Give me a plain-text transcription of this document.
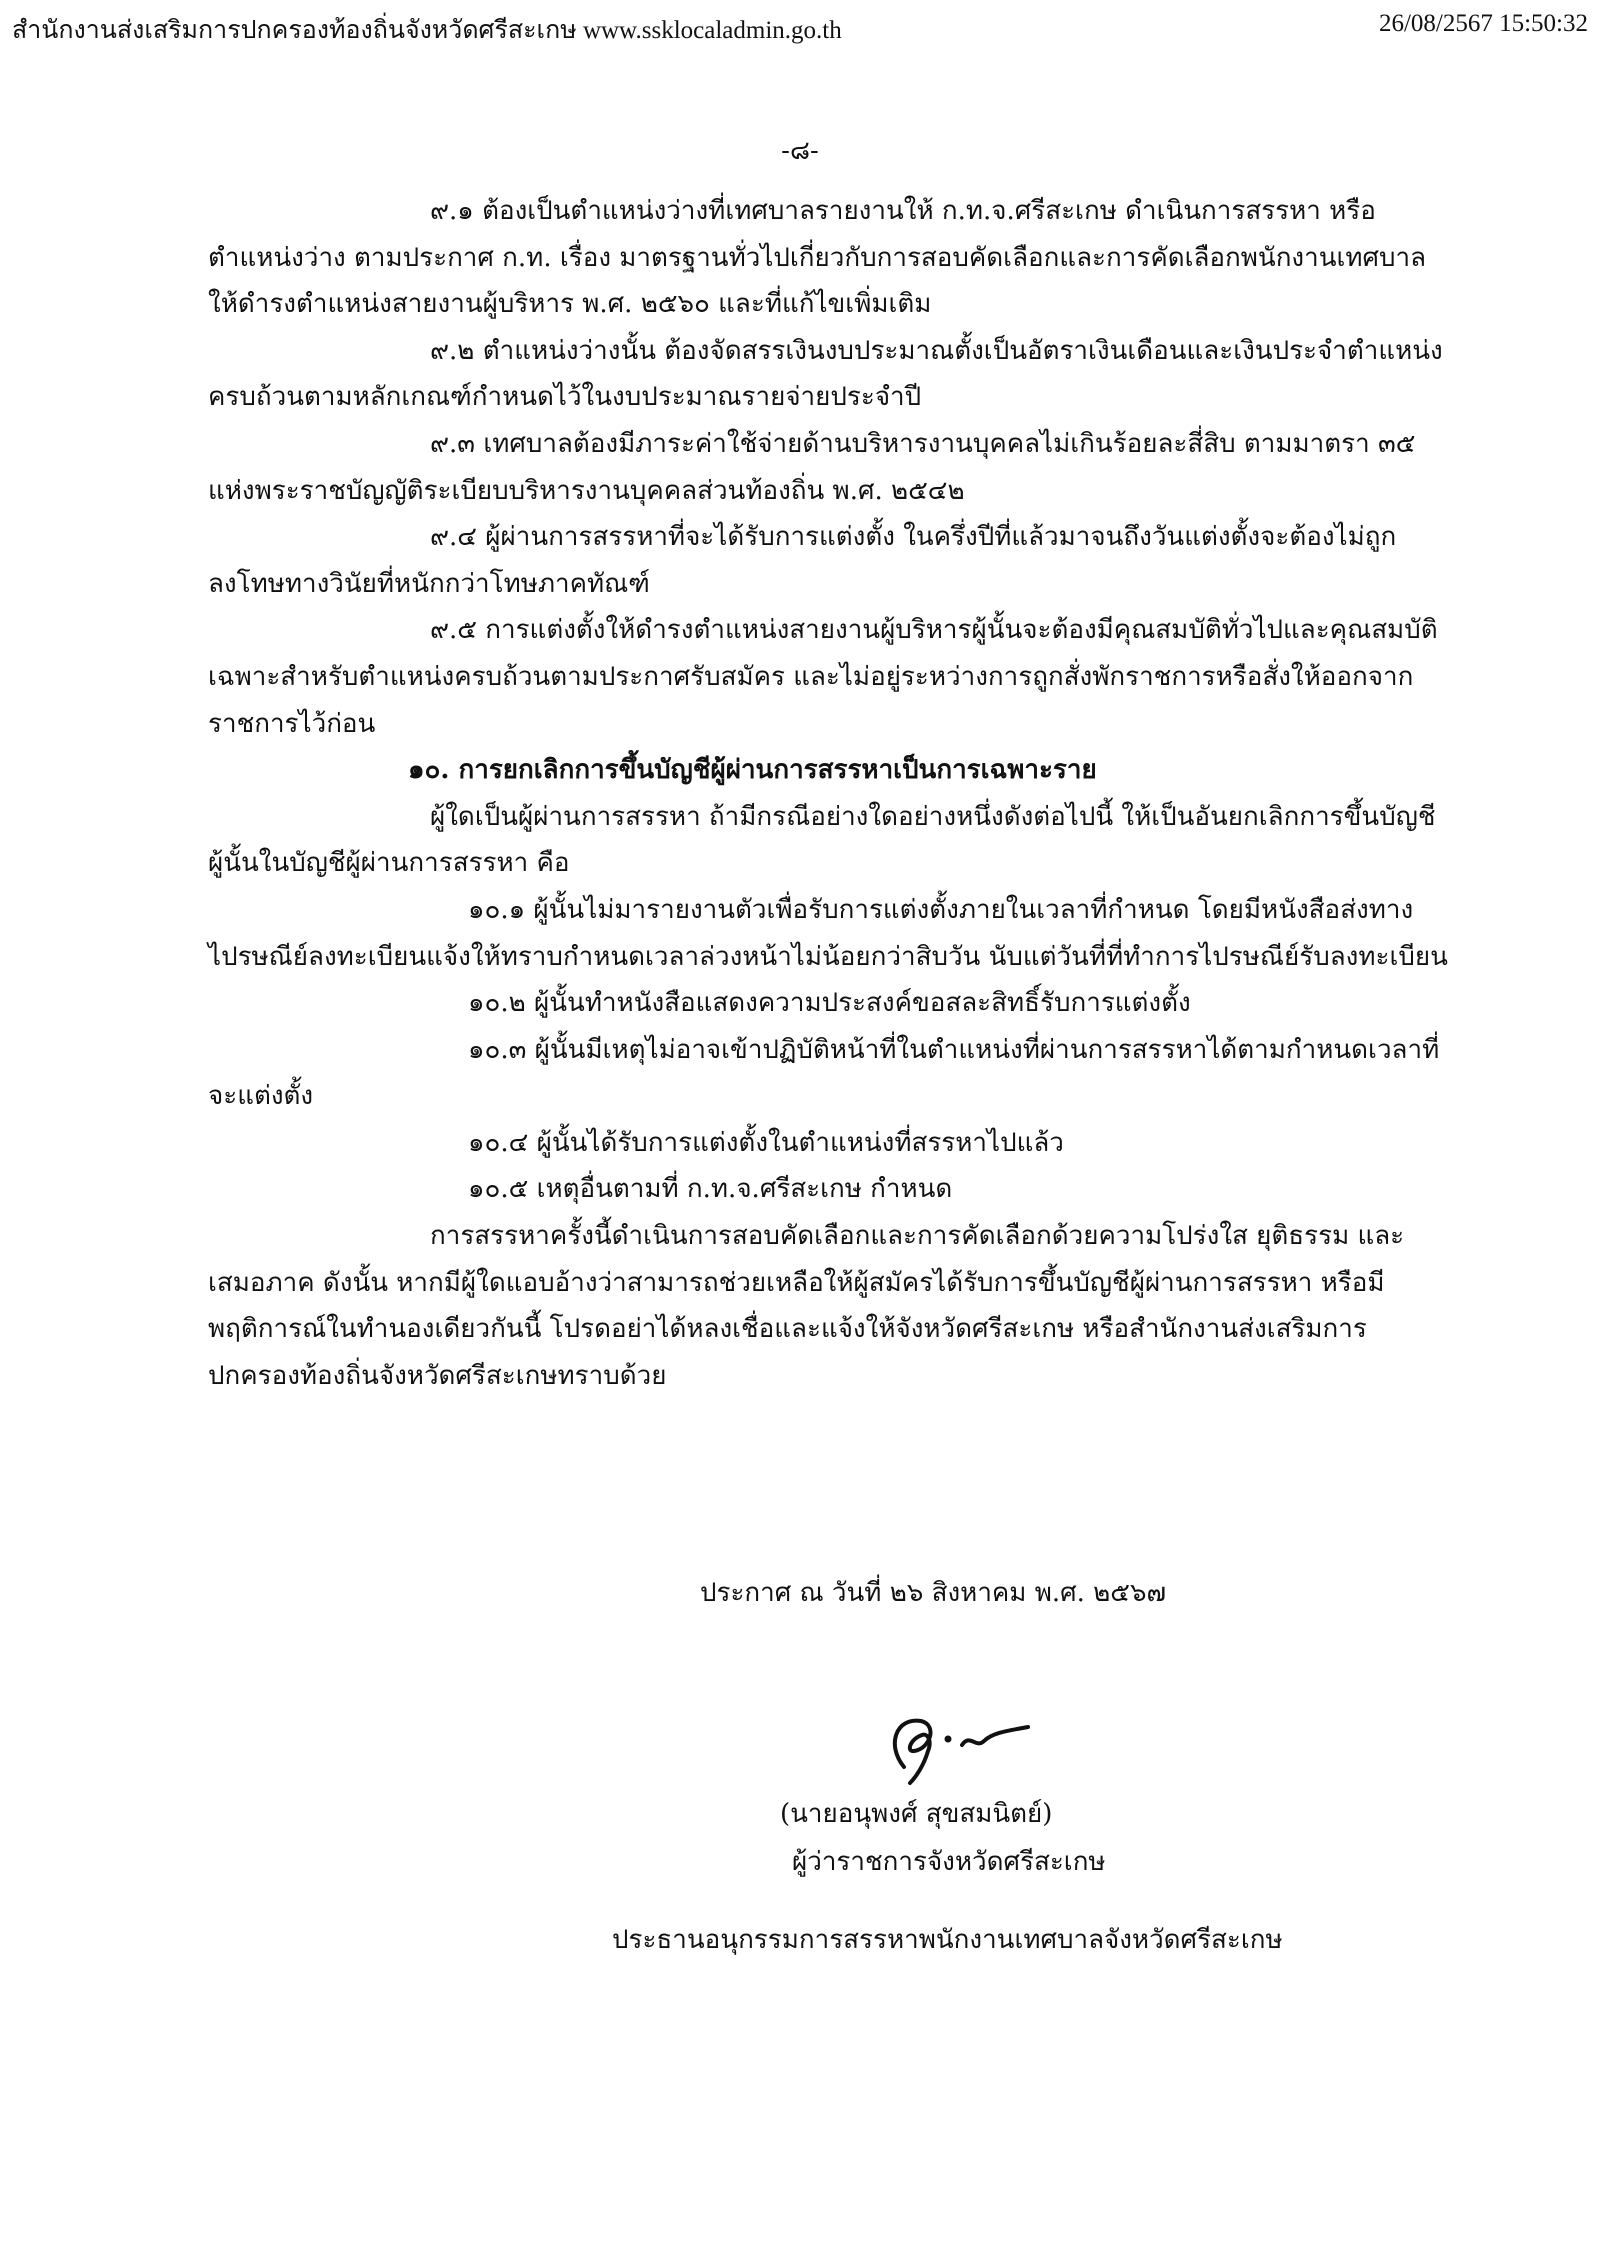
สำนักงานส่งเสริมการปกครองท้องถิ่นจังหวัดศรีสะเกษ www.ssklocaladmin.go.th	26/08/2567 15:50:32
-๘-

๙.๑ ต้องเป็นตำแหน่งว่างที่เทศบาลรายงานให้ ก.ท.จ.ศรีสะเกษ ดำเนินการสรรหา หรือตำแหน่งว่าง ตามประกาศ ก.ท. เรื่อง มาตรฐานทั่วไปเกี่ยวกับการสอบคัดเลือกและการคัดเลือกพนักงานเทศบาลให้ดำรงตำแหน่งสายงานผู้บริหาร พ.ศ. ๒๕๖๐ และที่แก้ไขเพิ่มเติม

๙.๒ ตำแหน่งว่างนั้น ต้องจัดสรรเงินงบประมาณตั้งเป็นอัตราเงินเดือนและเงินประจำตำแหน่งครบถ้วนตามหลักเกณฑ์กำหนดไว้ในงบประมาณรายจ่ายประจำปี

๙.๓ เทศบาลต้องมีภาระค่าใช้จ่ายด้านบริหารงานบุคคลไม่เกินร้อยละสี่สิบ ตามมาตรา ๓๕ แห่งพระราชบัญญัติระเบียบบริหารงานบุคคลส่วนท้องถิ่น พ.ศ. ๒๕๔๒

๙.๔ ผู้ผ่านการสรรหาที่จะได้รับการแต่งตั้ง ในครึ่งปีที่แล้วมาจนถึงวันแต่งตั้งจะต้องไม่ถูกลงโทษทางวินัยที่หนักกว่าโทษภาคทัณฑ์

๙.๕ การแต่งตั้งให้ดำรงตำแหน่งสายงานผู้บริหารผู้นั้นจะต้องมีคุณสมบัติทั่วไปและคุณสมบัติเฉพาะสำหรับตำแหน่งครบถ้วนตามประกาศรับสมัคร และไม่อยู่ระหว่างการถูกสั่งพักราชการหรือสั่งให้ออกจากราชการไว้ก่อน

๑๐. การยกเลิกการขึ้นบัญชีผู้ผ่านการสรรหาเป็นการเฉพาะราย

ผู้ใดเป็นผู้ผ่านการสรรหา ถ้ามีกรณีอย่างใดอย่างหนึ่งดังต่อไปนี้ ให้เป็นอันยกเลิกการขึ้นบัญชีผู้นั้นในบัญชีผู้ผ่านการสรรหา คือ

๑๐.๑ ผู้นั้นไม่มารายงานตัวเพื่อรับการแต่งตั้งภายในเวลาที่กำหนด โดยมีหนังสือส่งทางไปรษณีย์ลงทะเบียนแจ้งให้ทราบกำหนดเวลาล่วงหน้าไม่น้อยกว่าสิบวัน นับแต่วันที่ที่ทำการไปรษณีย์รับลงทะเบียน

๑๐.๒ ผู้นั้นทำหนังสือแสดงความประสงค์ขอสละสิทธิ์รับการแต่งตั้ง

๑๐.๓ ผู้นั้นมีเหตุไม่อาจเข้าปฏิบัติหน้าที่ในตำแหน่งที่ผ่านการสรรหาได้ตามกำหนดเวลาที่จะแต่งตั้ง

๑๐.๔ ผู้นั้นได้รับการแต่งตั้งในตำแหน่งที่สรรหาไปแล้ว

๑๐.๕ เหตุอื่นตามที่ ก.ท.จ.ศรีสะเกษ กำหนด

การสรรหาครั้งนี้ดำเนินการสอบคัดเลือกและการคัดเลือกด้วยความโปร่งใส ยุติธรรม และเสมอภาค ดังนั้น หากมีผู้ใดแอบอ้างว่าสามารถช่วยเหลือให้ผู้สมัครได้รับการขึ้นบัญชีผู้ผ่านการสรรหา หรือมีพฤติการณ์ในทำนองเดียวกันนี้ โปรดอย่าได้หลงเชื่อและแจ้งให้จังหวัดศรีสะเกษ หรือสำนักงานส่งเสริมการปกครองท้องถิ่นจังหวัดศรีสะเกษทราบด้วย

ประกาศ ณ วันที่ ๒๖ สิงหาคม พ.ศ. ๒๕๖๗
(นายอนุพงศ์ สุขสมนิตย์)
ผู้ว่าราชการจังหวัดศรีสะเกษ
ประธานอนุกรรมการสรรหาพนักงานเทศบาลจังหวัดศรีสะเกษ
